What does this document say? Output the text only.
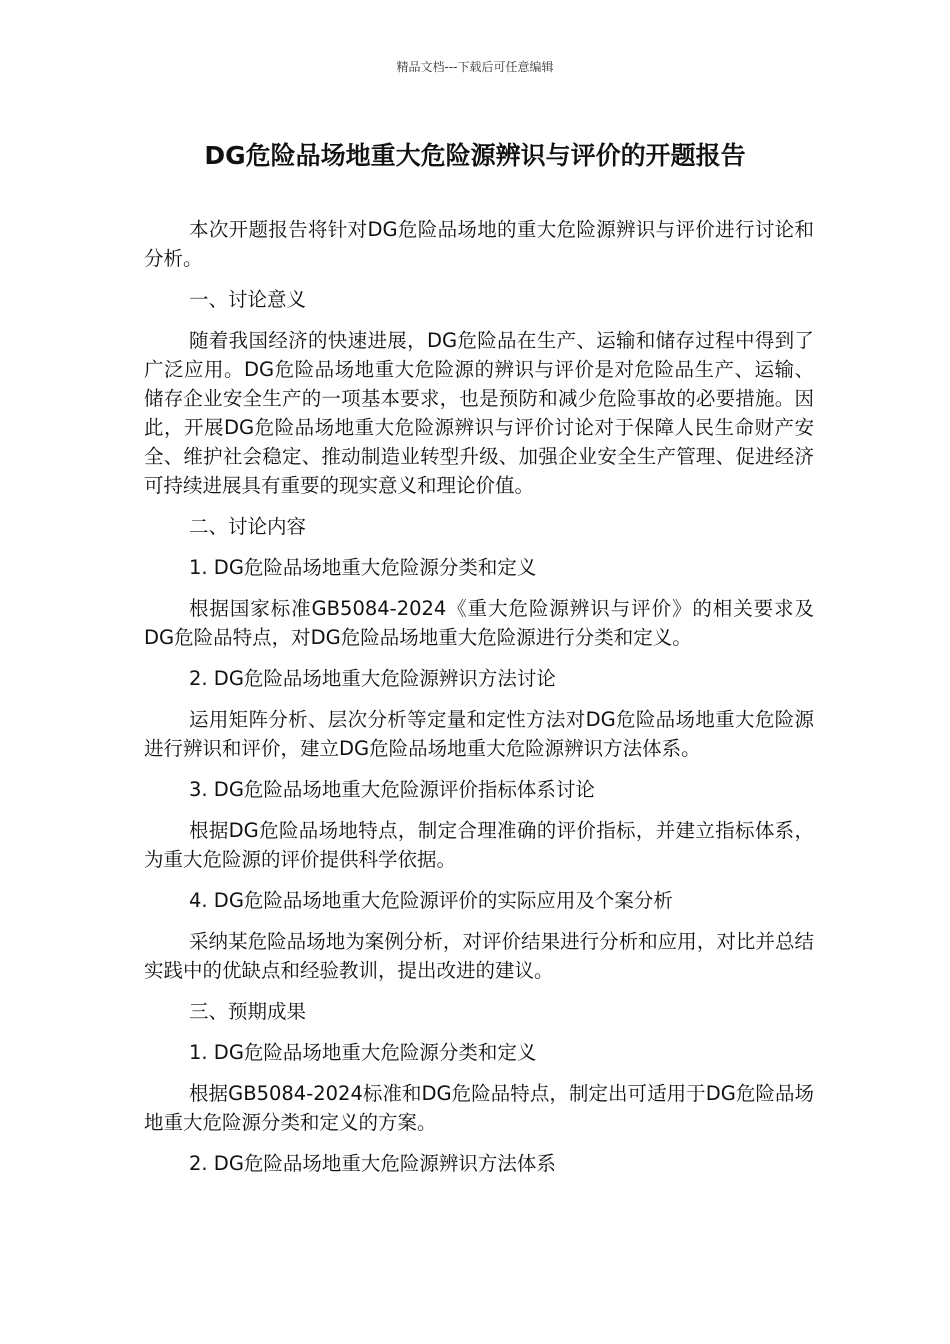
精品文档---下载后可任意编辑
DG危险品场地重大危险源辨识与评价的开题报告

本次开题报告将针对DG危险品场地的重大危险源辨识与评价进行讨论和分析。

一、讨论意义

随着我国经济的快速进展，DG危险品在生产、运输和储存过程中得到了广泛应用。DG危险品场地重大危险源的辨识与评价是对危险品生产、运输、储存企业安全生产的一项基本要求，也是预防和减少危险事故的必要措施。因此，开展DG危险品场地重大危险源辨识与评价讨论对于保障人民生命财产安全、维护社会稳定、推动制造业转型升级、加强企业安全生产管理、促进经济可持续进展具有重要的现实意义和理论价值。

二、讨论内容

1. DG危险品场地重大危险源分类和定义

根据国家标准GB5084-2024《重大危险源辨识与评价》的相关要求及DG危险品特点，对DG危险品场地重大危险源进行分类和定义。

2. DG危险品场地重大危险源辨识方法讨论

运用矩阵分析、层次分析等定量和定性方法对DG危险品场地重大危险源进行辨识和评价，建立DG危险品场地重大危险源辨识方法体系。

3. DG危险品场地重大危险源评价指标体系讨论

根据DG危险品场地特点，制定合理准确的评价指标，并建立指标体系，为重大危险源的评价提供科学依据。

4. DG危险品场地重大危险源评价的实际应用及个案分析

采纳某危险品场地为案例分析，对评价结果进行分析和应用，对比并总结实践中的优缺点和经验教训，提出改进的建议。

三、预期成果

1. DG危险品场地重大危险源分类和定义

根据GB5084-2024标准和DG危险品特点，制定出可适用于DG危险品场地重大危险源分类和定义的方案。

2. DG危险品场地重大危险源辨识方法体系
